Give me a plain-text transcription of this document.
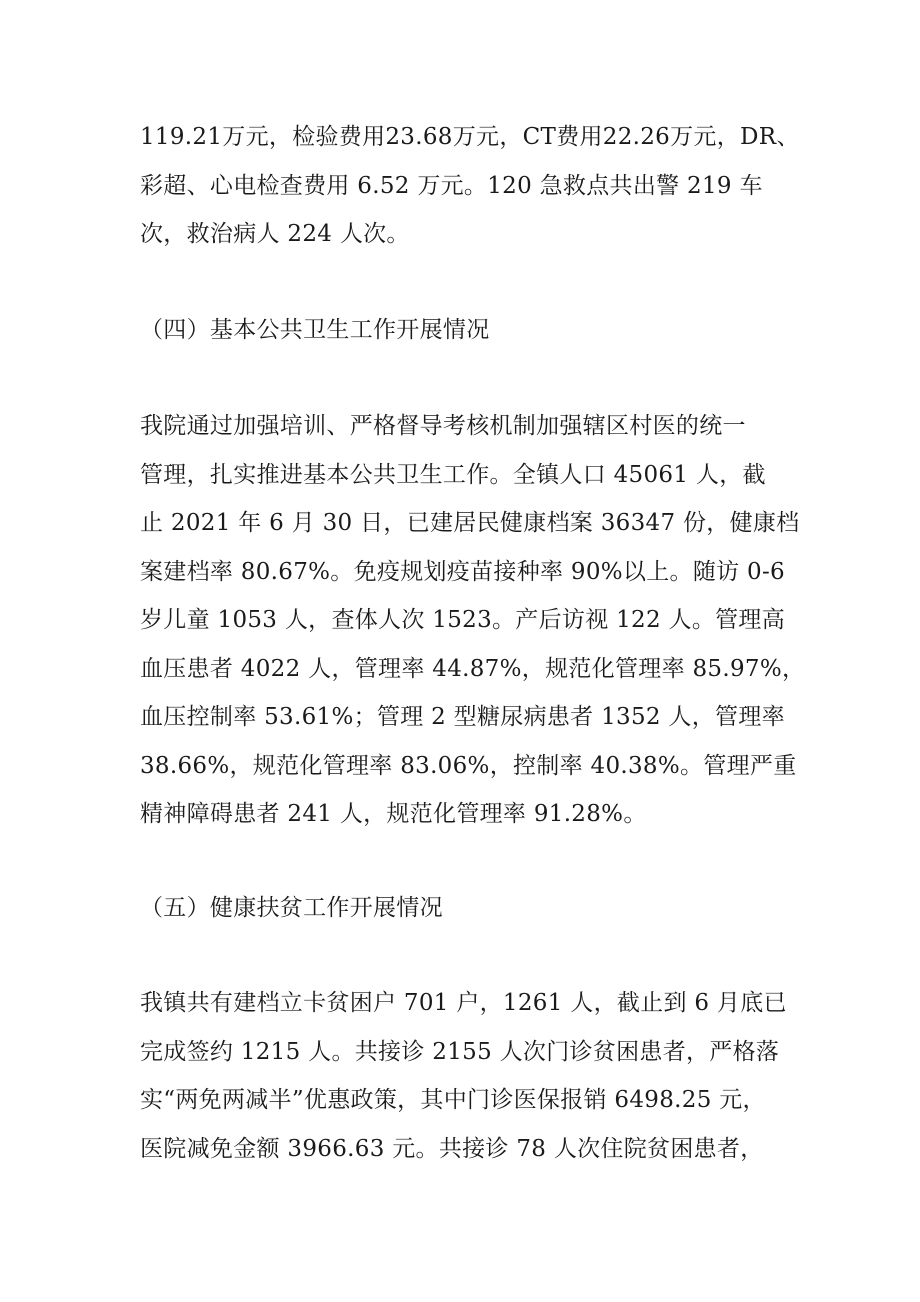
119.21万元，检验费用23.68万元，CT费用22.26万元，DR、
彩超、心电检查费用 6.52 万元。120 急救点共出警 219 车
次，救治病人 224 人次。
（四）基本公共卫生工作开展情况
我院通过加强培训、严格督导考核机制加强辖区村医的统一
管理，扎实推进基本公共卫生工作。全镇人口 45061 人，截
止 2021 年 6 月 30 日，已建居民健康档案 36347 份，健康档
案建档率 80.67%。免疫规划疫苗接种率 90%以上。随访 0-6
岁儿童 1053 人，查体人次 1523。产后访视 122 人。管理高
血压患者 4022 人，管理率 44.87%，规范化管理率 85.97%，
血压控制率 53.61%；管理 2 型糖尿病患者 1352 人，管理率
38.66%，规范化管理率 83.06%，控制率 40.38%。管理严重
精神障碍患者 241 人，规范化管理率 91.28%。
（五）健康扶贫工作开展情况
我镇共有建档立卡贫困户 701 户，1261 人，截止到 6 月底已
完成签约 1215 人。共接诊 2155 人次门诊贫困患者，严格落
实“两免两减半”优惠政策，其中门诊医保报销 6498.25 元，
医院减免金额 3966.63 元。共接诊 78 人次住院贫困患者，
